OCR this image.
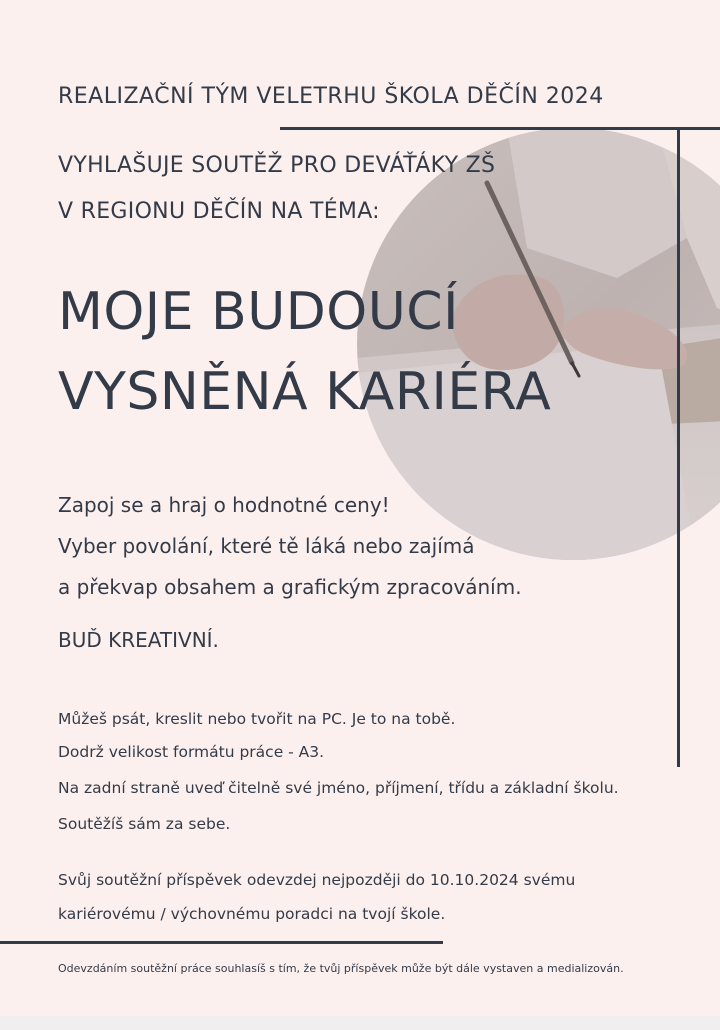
REALIZAČNÍ TÝM VELETRHU ŠKOLA DĚČÍN 2024

VYHLAŠUJE SOUTĚŽ PRO DEVÁŤÁKY ZŠ

V REGIONU DĚČÍN NA TÉMA:

MOJE BUDOUCÍ
VYSNĚNÁ KARIÉRA

Zapoj se a hraj o hodnotné ceny!

Vyber povolání, které tě láká nebo zajímá

a překvap obsahem a grafickým zpracováním.

BUĎ KREATIVNÍ.

Můžeš psát, kreslit nebo tvořit na PC. Je to na tobě.

Dodrž velikost formátu práce - A3.

Na zadní straně uveď čitelně své jméno, příjmení, třídu a základní školu.

Soutěžíš sám za sebe.

Svůj soutěžní příspěvek odevzdej nejpozději do 10.10.2024 svému

kariérovému / výchovnému poradci na tvojí škole.

Odevzdáním soutěžní práce souhlasíš s tím, že tvůj příspěvek může být dále vystaven a medializován.
